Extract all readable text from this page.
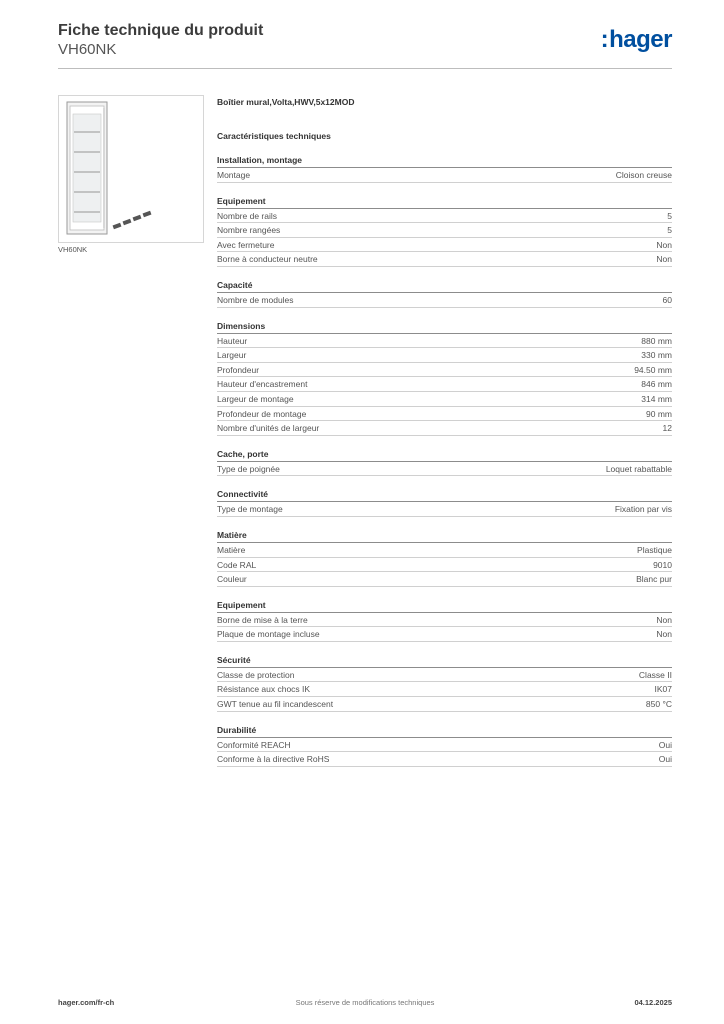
Fiche technique du produit
VH60NK	:hager
VH60NK
Boîtier mural,Volta,HWV,5x12MOD
Caractéristiques techniques
Installation, montage
Montage	Cloison creuse
Equipement
Nombre de rails	5
Nombre rangées	5
Avec fermeture	Non
Borne à conducteur neutre	Non
Capacité
Nombre de modules	60
Dimensions
Hauteur	880 mm
Largeur	330 mm
Profondeur	94.50 mm
Hauteur d'encastrement	846 mm
Largeur de montage	314 mm
Profondeur de montage	90 mm
Nombre d'unités de largeur	12
Cache, porte
Type de poignée	Loquet rabattable
Connectivité
Type de montage	Fixation par vis
Matière
Matière	Plastique
Code RAL	9010
Couleur	Blanc pur
Equipement
Borne de mise à la terre	Non
Plaque de montage incluse	Non
Sécurité
Classe de protection	Classe II
Résistance aux chocs IK	IK07
GWT tenue au fil incandescent	850 °C
Durabilité
Conformité REACH	Oui
Conforme à la directive RoHS	Oui
hager.com/fr-ch	Sous réserve de modifications techniques	04.12.2025
